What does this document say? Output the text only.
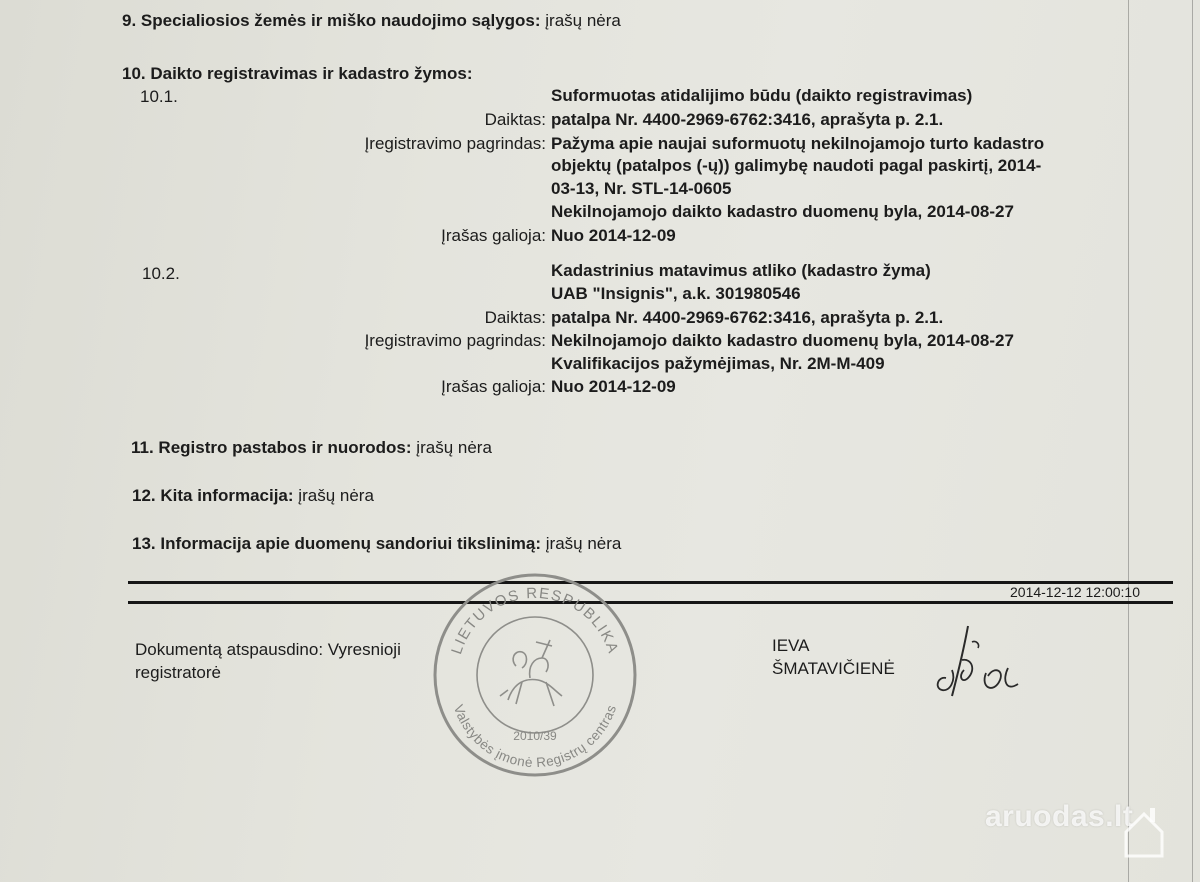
9. Specialiosios žemės ir miško naudojimo sąlygos: įrašų nėra
10. Daikto registravimas ir kadastro žymos:
10.1.	Suformuotas atidalijimo būdu (daikto registravimas)
Daiktas: patalpa Nr. 4400-2969-6762:3416, aprašyta p. 2.1.
Įregistravimo pagrindas: Pažyma apie naujai suformuotų nekilnojamojo turto kadastro
objektų (patalpos (-ų)) galimybę naudoti pagal paskirtį, 2014-
03-13, Nr. STL-14-0605
Nekilnojamojo daikto kadastro duomenų byla, 2014-08-27
Įrašas galioja: Nuo 2014-12-09
10.2.	Kadastrinius matavimus atliko (kadastro žyma)
UAB "Insignis", a.k. 301980546
Daiktas: patalpa Nr. 4400-2969-6762:3416, aprašyta p. 2.1.
Įregistravimo pagrindas: Nekilnojamojo daikto kadastro duomenų byla, 2014-08-27
Kvalifikacijos pažymėjimas, Nr. 2M-M-409
Įrašas galioja: Nuo 2014-12-09
11. Registro pastabos ir nuorodos: įrašų nėra
12. Kita informacija: įrašų nėra
13. Informacija apie duomenų sandoriui tikslinimą: įrašų nėra
2014-12-12 12:00:10
Dokumentą atspausdino: Vyresnioji
registratorė
IEVA
ŠMATAVIČIENĖ
LIETUVOS RESPUBLIKA
Valstybės įmonė Registrų centras
2010/39
aruodas.lt
